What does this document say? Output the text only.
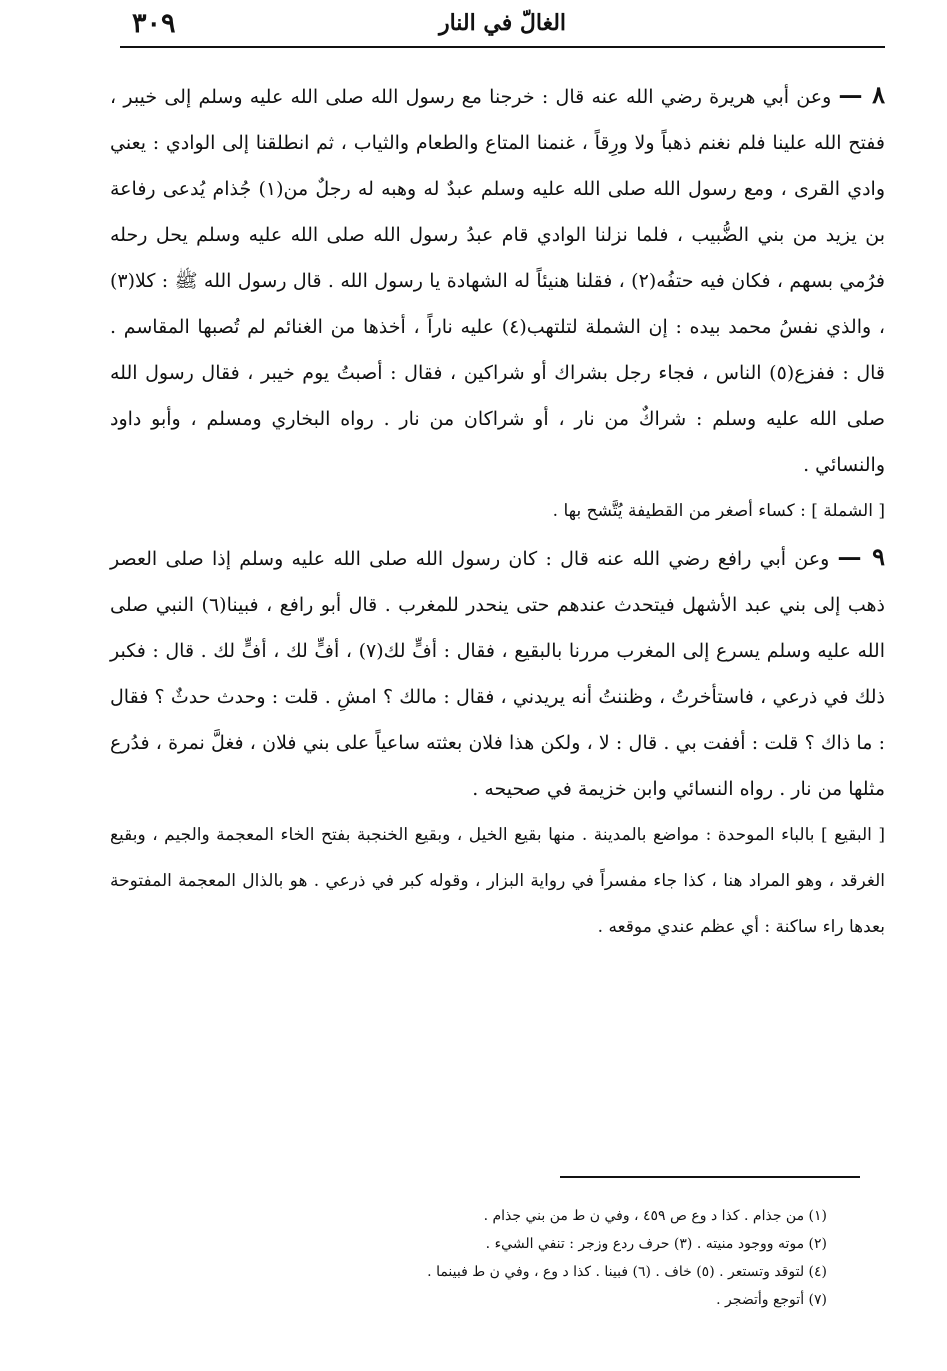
٣٠٩	الغالّ في النار

٨ — وعن أبي هريرة رضي الله عنه قال : خرجنا مع رسول الله صلى الله عليه وسلم إلى خيبر ، ففتح الله علينا فلم نغنم ذهباً ولا ورِقاً ، غنمنا المتاع والطعام والثياب ، ثم انطلقنا إلى الوادي : يعني وادي القرى ، ومع رسول الله صلى الله عليه وسلم عبدٌ له وهبه له رجلٌ من(١) جُذام يُدعى رفاعة بن يزيد من بني الضُّبيب ، فلما نزلنا الوادي قام عبدُ رسول الله صلى الله عليه وسلم يحل رحله فرُمي بسهم ، فكان فيه حتفُه(٢) ، فقلنا هنيئاً له الشهادة يا رسول الله . قال رسول الله ﷺ : كلا(٣) ، والذي نفسُ محمد بيده : إن الشملة لتلتهب(٤) عليه ناراً ، أخذها من الغنائم لم تُصبها المقاسم . قال : ففزع(٥) الناس ، فجاء رجل بشراك أو شراكين ، فقال : أصبتُ يوم خيبر ، فقال رسول الله صلى الله عليه وسلم : شراكٌ من نار ، أو شراكان من نار . رواه البخاري ومسلم ، وأبو داود والنسائي .

[ الشملة ] : كساء أصغر من القطيفة يُتَّشح بها .

٩ — وعن أبي رافع رضي الله عنه قال : كان رسول الله صلى الله عليه وسلم إذا صلى العصر ذهب إلى بني عبد الأشهل فيتحدث عندهم حتى ينحدر للمغرب . قال أبو رافع ، فبينا(٦) النبي صلى الله عليه وسلم يسرع إلى المغرب مررنا بالبقيع ، فقال : أفٍّ لك(٧) ، أفٍّ لك ، أفٍّ لك . قال : فكبر ذلك في ذرعي ، فاستأخرتُ ، وظننتُ أنه يريدني ، فقال : مالك ؟ امشِ . قلت : وحدث حدثٌ ؟ فقال : ما ذاك ؟ قلت : أففت بي . قال : لا ، ولكن هذا فلان بعثته ساعياً على بني فلان ، فغلَّ نمرة ، فدُرع مثلها من نار . رواه النسائي وابن خزيمة في صحيحه .

[ البقيع ] بالباء الموحدة : مواضع بالمدينة . منها بقيع الخيل ، وبقيع الخنجبة بفتح الخاء المعجمة والجيم ، وبقيع الغرقد ، وهو المراد هنا ، كذا جاء مفسراً في رواية البزار ، وقوله كبر في ذرعي . هو بالذال المعجمة المفتوحة بعدها راء ساكنة : أي عظم عندي موقعه .

(١) من جذام . كذا د وع ص ٤٥٩ ، وفي ن ط من بني جذام .

(٢) موته ووجود منيته . (٣) حرف ردع وزجر : تنفي الشيء .

(٤) لتوقد وتستعر . (٥) خاف . (٦) فبينا . كذا د وع ، وفي ن ط فبينما .

(٧) أتوجع وأتضجر .
